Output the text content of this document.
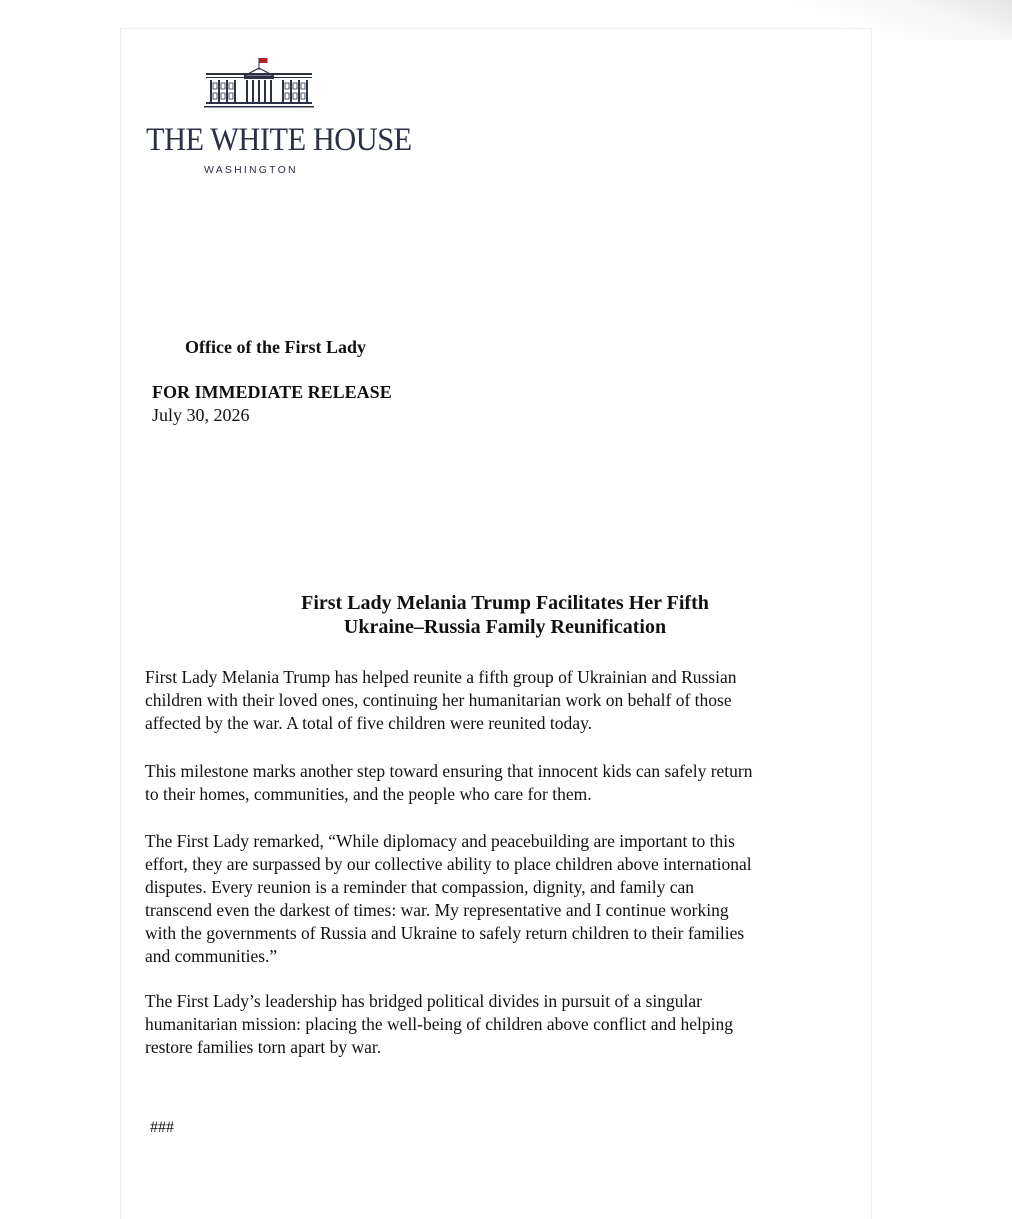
THE WHITE HOUSE
WASHINGTON
Office of the First Lady
FOR IMMEDIATE RELEASE
July 30, 2026
First Lady Melania Trump Facilitates Her Fifth
Ukraine–Russia Family Reunification
First Lady Melania Trump has helped reunite a fifth group of Ukrainian and Russian
children with their loved ones, continuing her humanitarian work on behalf of those
affected by the war. A total of five children were reunited today.
This milestone marks another step toward ensuring that innocent kids can safely return
to their homes, communities, and the people who care for them.
The First Lady remarked, “While diplomacy and peacebuilding are important to this
effort, they are surpassed by our collective ability to place children above international
disputes. Every reunion is a reminder that compassion, dignity, and family can
transcend even the darkest of times: war. My representative and I continue working
with the governments of Russia and Ukraine to safely return children to their families
and communities.”
The First Lady’s leadership has bridged political divides in pursuit of a singular
humanitarian mission: placing the well-being of children above conflict and helping
restore families torn apart by war.
###
